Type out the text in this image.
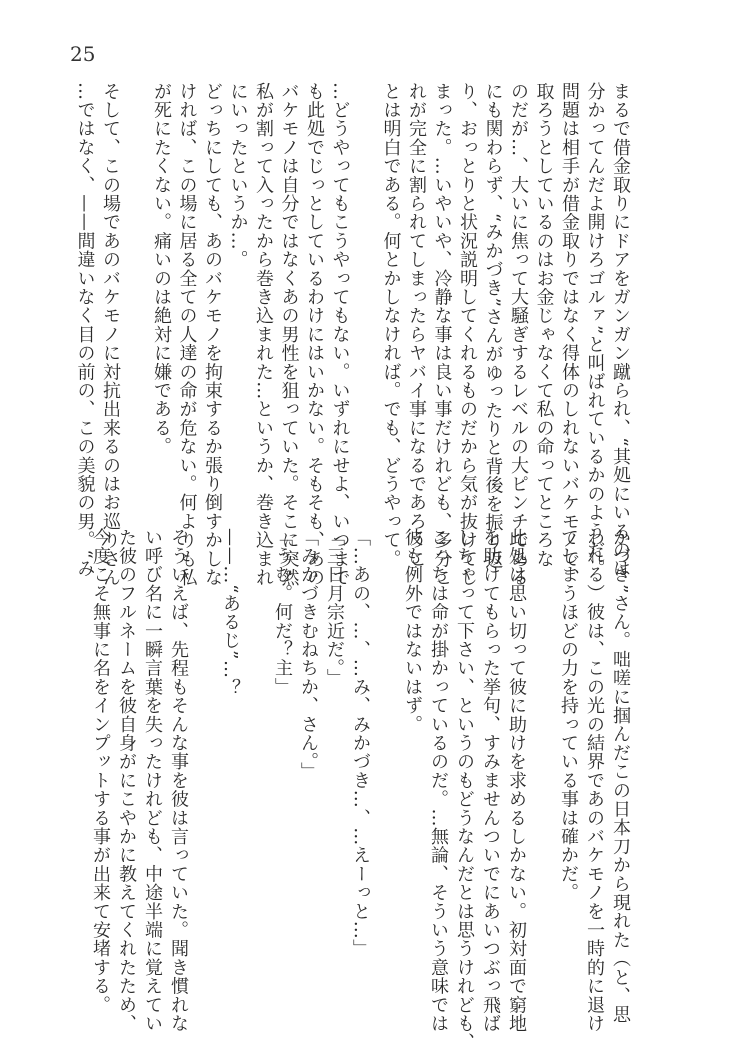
25
まるで借金取りにドアをガンガン蹴られ、“其処にいるのは
分かってんだよ開けろゴルァ”と叫ばれているかのようだ。
問題は相手が借金取りではなく得体のしれないバケモノで、
取ろうとしているのはお金じゃなくて私の命ってところな
のだが…、大いに焦って大騒ぎするレベルの大ピンチである
にも関わらず、“みかづき”さんがゆったりと背後を振り返
り、おっとりと状況説明してくれるものだから気が抜けてし
まった。…いやいや、冷静な事は良い事だけれども、多分こ
れが完全に割られてしまったらヤバイ事になるであろうこ
とは明白である。何とかしなければ。でも、どうやって。
…どうやってもこうやってもない。いずれにせよ、いつまで
も此処でじっとしているわけにはいかない。そもそも、あの
バケモノは自分ではなくあの男性を狙っていた。そこに突然
私が割って入ったから巻き込まれた…というか、巻き込まれ
にいったというか…。
どっちにしても、あのバケモノを拘束するか張り倒すかしな
ければ、この場に居る全ての人達の命が危ない。何よりも私
が死にたくない。痛いのは絶対に嫌である。
そして、この場であのバケモノに対抗出来るのはお巡りさん
…ではなく、——間違いなく目の前の、この美貌の男。“み
かづき”さん。咄嗟に掴んだこの日本刀から現れた（と、思
われる）彼は、この光の結界であのバケモノを一時的に退け
てしまうほどの力を持っている事は確かだ。
此処は思い切って彼に助けを求めるしかない。初対面で窮地
を助けてもらった挙句、すみませんついでにあいつぶっ飛ば
しちゃって下さい、というのもどうなんだとは思うけれども、
こっちは命が掛かっているのだ。…無論、そういう意味では
彼も例外ではないはず。
「…あの、…、…み、みかづき…、…えーっと…」
「三日月宗近だ。」
「みかづきむねちか、さん。」
「うむ。何だ？主」
——…“あるじ”…？
そういえば、先程もそんな事を彼は言っていた。聞き慣れな
い呼び名に一瞬言葉を失ったけれども、中途半端に覚えてい
た彼のフルネームを彼自身がにこやかに教えてくれたため、
今度こそ無事に名をインプットする事が出来て安堵する。
